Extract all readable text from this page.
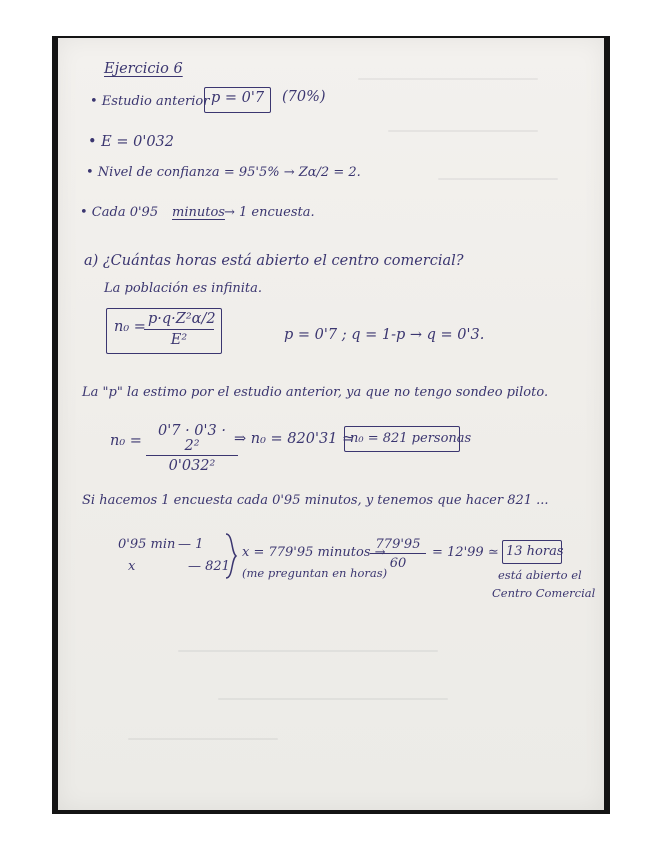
Ejercicio 6
• Estudio anterior p = 0'7 (70%)
• E = 0'032
• Nivel de confianza = 95'5% → Zα/2 = 2.
• Cada 0'95 minutos → 1 encuesta.
a) ¿Cuántas horas está abierto el centro comercial?
La población es infinita.
n₀ =
$\frac{\text{p·q·Z²α/2}}{\text{E²}}$	p = 0'7 ; q = 1-p → q = 0'3.
La "p" la estimo por el estudio anterior, ya que no tengo sondeo piloto.
$n_0 = \frac{\text{0'7 · 0'3 · 2²}}{\text{0'032²}}$
⇒ n₀ = 820'31 ≃
n₀ = 821 personas
Si hacemos 1 encuesta cada 0'95 minutos, y tenemos que hacer 821 ...
0'95 min — 1
x	— 821
x = 779'95 minutos →
$\frac{779'95}{60} = 12'99$ ≃ 13 horas
(me preguntan en horas)	está abierto el
Centro Comercial
